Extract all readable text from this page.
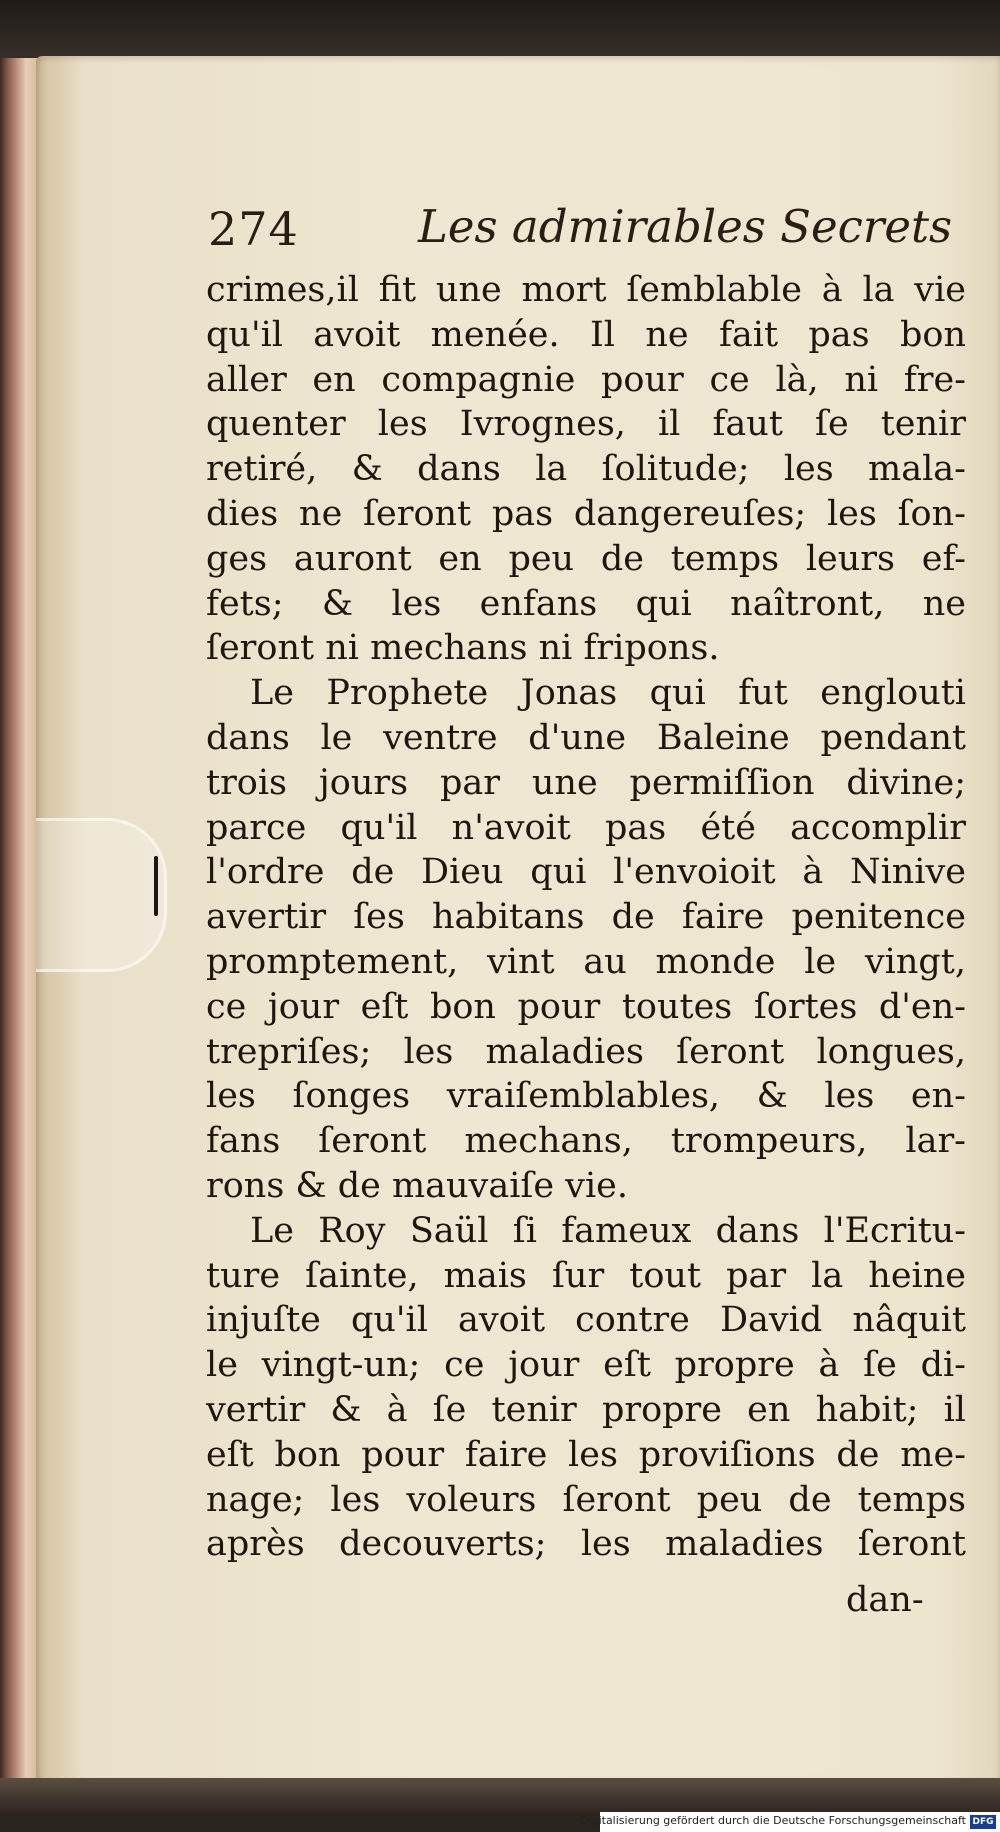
274	Les admirables Secrets
crimes,il fit une mort ſemblable à la vie
qu'il avoit menée. Il ne fait pas bon
aller en compagnie pour ce là, ni fre-
quenter les Ivrognes, il faut ſe tenir
retiré, & dans la ſolitude; les mala-
dies ne ſeront pas dangereuſes; les ſon-
ges auront en peu de temps leurs ef-
fets; & les enfans qui naîtront, ne
ſeront ni mechans ni fripons.
Le Prophete Jonas qui fut englouti
dans le ventre d'une Baleine pendant
trois jours par une permiſſion divine;
parce qu'il n'avoit pas été accomplir
l'ordre de Dieu qui l'envoioit à Ninive
avertir ſes habitans de faire penitence
promptement, vint au monde le vingt,
ce jour eſt bon pour toutes ſortes d'en-
trepriſes; les maladies ſeront longues,
les ſonges vraiſemblables, & les en-
fans ſeront mechans, trompeurs, lar-
rons & de mauvaiſe vie.
Le Roy Saül ſi fameux dans l'Ecritu-
ture ſainte, mais ſur tout par la heine
injuſte qu'il avoit contre David nâquit
le vingt-un; ce jour eſt propre à ſe di-
vertir & à ſe tenir propre en habit; il
eſt bon pour faire les proviſions de me-
nage; les voleurs ſeront peu de temps
après decouverts; les maladies ſeront
dan-
Digitalisierung gefördert durch die Deutsche Forschungsgemeinschaft DFG
